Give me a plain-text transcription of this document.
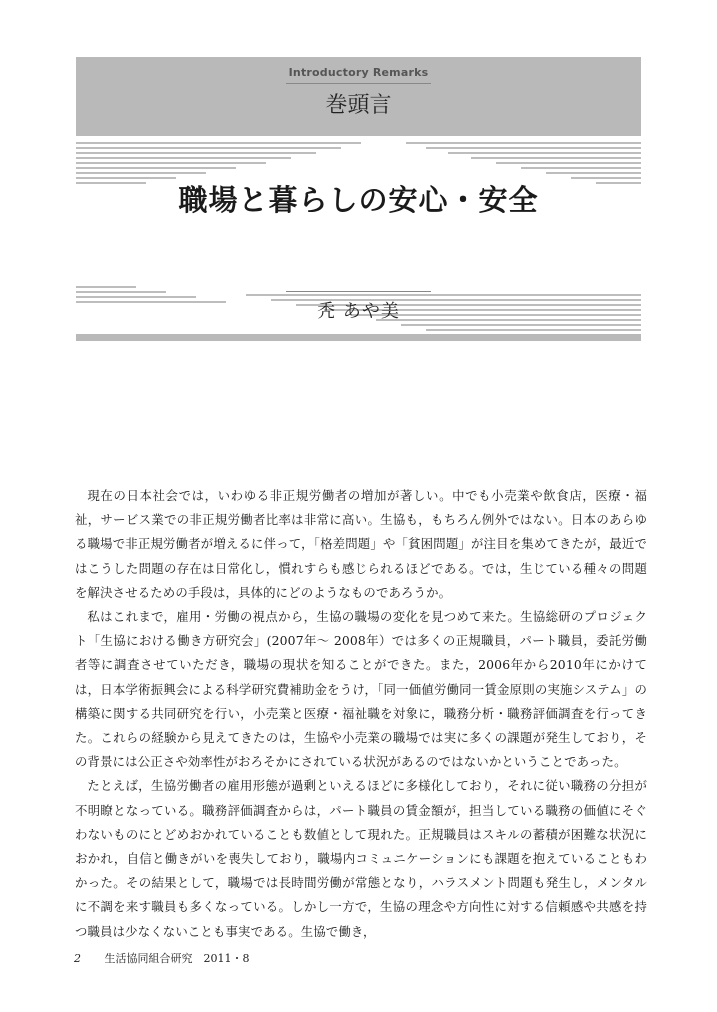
Introductory Remarks
巻頭言
職場と暮らしの安心・安全
秃 あや美

現在の日本社会では，いわゆる非正規労働者の増加が著しい。中でも小売業や飲食店，医療・福祉，サービス業での非正規労働者比率は非常に高い。生協も，もちろん例外ではない。日本のあらゆる職場で非正規労働者が増えるに伴って，「格差問題」や「貧困問題」が注目を集めてきたが，最近ではこうした問題の存在は日常化し，慣れすらも感じられるほどである。では，生じている種々の問題を解決させるための手段は，具体的にどのようなものであろうか。

私はこれまで，雇用・労働の視点から，生協の職場の変化を見つめて来た。生協総研のプロジェクト「生協における働き方研究会」(2007年～ 2008年）では多くの正規職員，パート職員，委託労働者等に調査させていただき，職場の現状を知ることができた。また，2006年から2010年にかけては，日本学術振興会による科学研究費補助金をうけ，「同一価値労働同一賃金原則の実施システム」の構築に関する共同研究を行い，小売業と医療・福祉職を対象に，職務分析・職務評価調査を行ってきた。これらの経験から見えてきたのは，生協や小売業の職場では実に多くの課題が発生しており，その背景には公正さや効率性がおろそかにされている状況があるのではないかということであった。

たとえば，生協労働者の雇用形態が過剰といえるほどに多様化しており，それに従い職務の分担が不明瞭となっている。職務評価調査からは，パート職員の賃金額が，担当している職務の価値にそぐわないものにとどめおかれていることも数値として現れた。正規職員はスキルの蓄積が困難な状況におかれ，自信と働きがいを喪失しており，職場内コミュニケーションにも課題を抱えていることもわかった。その結果として，職場では長時間労働が常態となり，ハラスメント問題も発生し，メンタルに不調を来す職員も多くなっている。しかし一方で，生協の理念や方向性に対する信頼感や共感を持つ職員は少なくないことも事実である。生協で働き，

2 生活協同組合研究　2011・8
